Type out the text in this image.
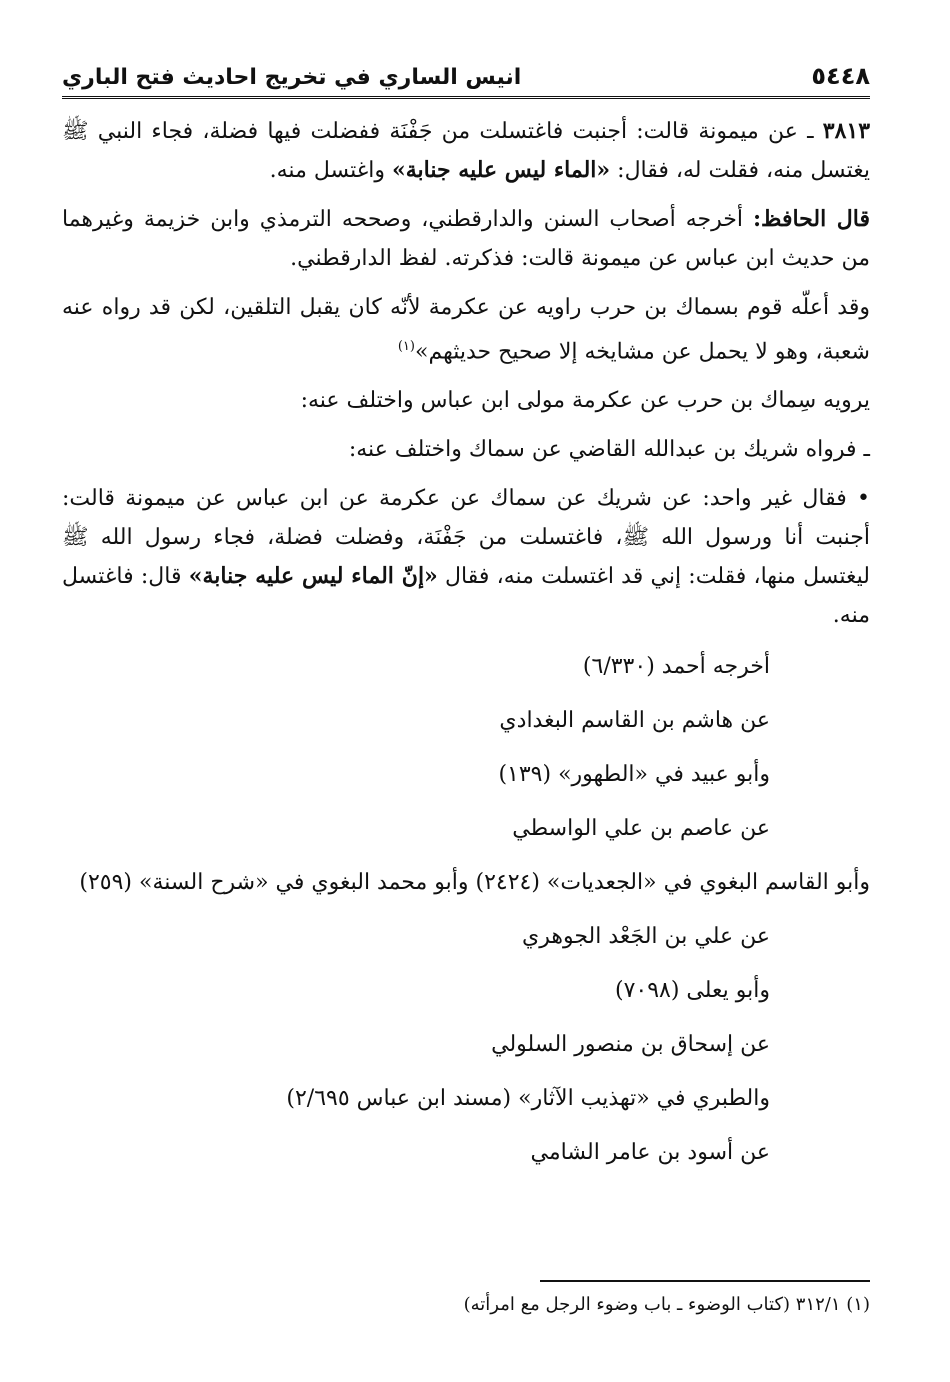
٥٤٤٨
انيس الساري في تخريج احاديث فتح الباري

٣٨١٣ ـ عن ميمونة قالت: أجنبت فاغتسلت من جَفْنَة ففضلت فيها فضلة، فجاء النبي ﷺ يغتسل منه، فقلت له، فقال: «الماء ليس عليه جنابة» واغتسل منه.

قال الحافظ: أخرجه أصحاب السنن والدارقطني، وصححه الترمذي وابن خزيمة وغيرهما من حديث ابن عباس عن ميمونة قالت: فذكرته. لفظ الدارقطني.

وقد أعلّه قوم بسماك بن حرب راويه عن عكرمة لأنّه كان يقبل التلقين، لكن قد رواه عنه شعبة، وهو لا يحمل عن مشايخه إلا صحيح حديثهم»$^{(١)}$

يرويه سِماك بن حرب عن عكرمة مولى ابن عباس واختلف عنه:

ـ فرواه شريك بن عبدالله القاضي عن سماك واختلف عنه:

• فقال غير واحد: عن شريك عن سماك عن عكرمة عن ابن عباس عن ميمونة قالت: أجنبت أنا ورسول الله ﷺ، فاغتسلت من جَفْنَة، وفضلت فضلة، فجاء رسول الله ﷺ ليغتسل منها، فقلت: إني قد اغتسلت منه، فقال «إنّ الماء ليس عليه جنابة» قال: فاغتسل منه.

أخرجه أحمد (٦/٣٣٠)

عن هاشم بن القاسم البغدادي

وأبو عبيد في «الطهور» (١٣٩)

عن عاصم بن علي الواسطي

وأبو القاسم البغوي في «الجعديات» (٢٤٢٤) وأبو محمد البغوي في «شرح السنة» (٢٥٩)

عن علي بن الجَعْد الجوهري

وأبو يعلى (٧٠٩٨)

عن إسحاق بن منصور السلولي

والطبري في «تهذيب الآثار» (مسند ابن عباس ٢/٦٩٥)

عن أسود بن عامر الشامي

(١) ٣١٢/١ (كتاب الوضوء ـ باب وضوء الرجل مع امرأته)
